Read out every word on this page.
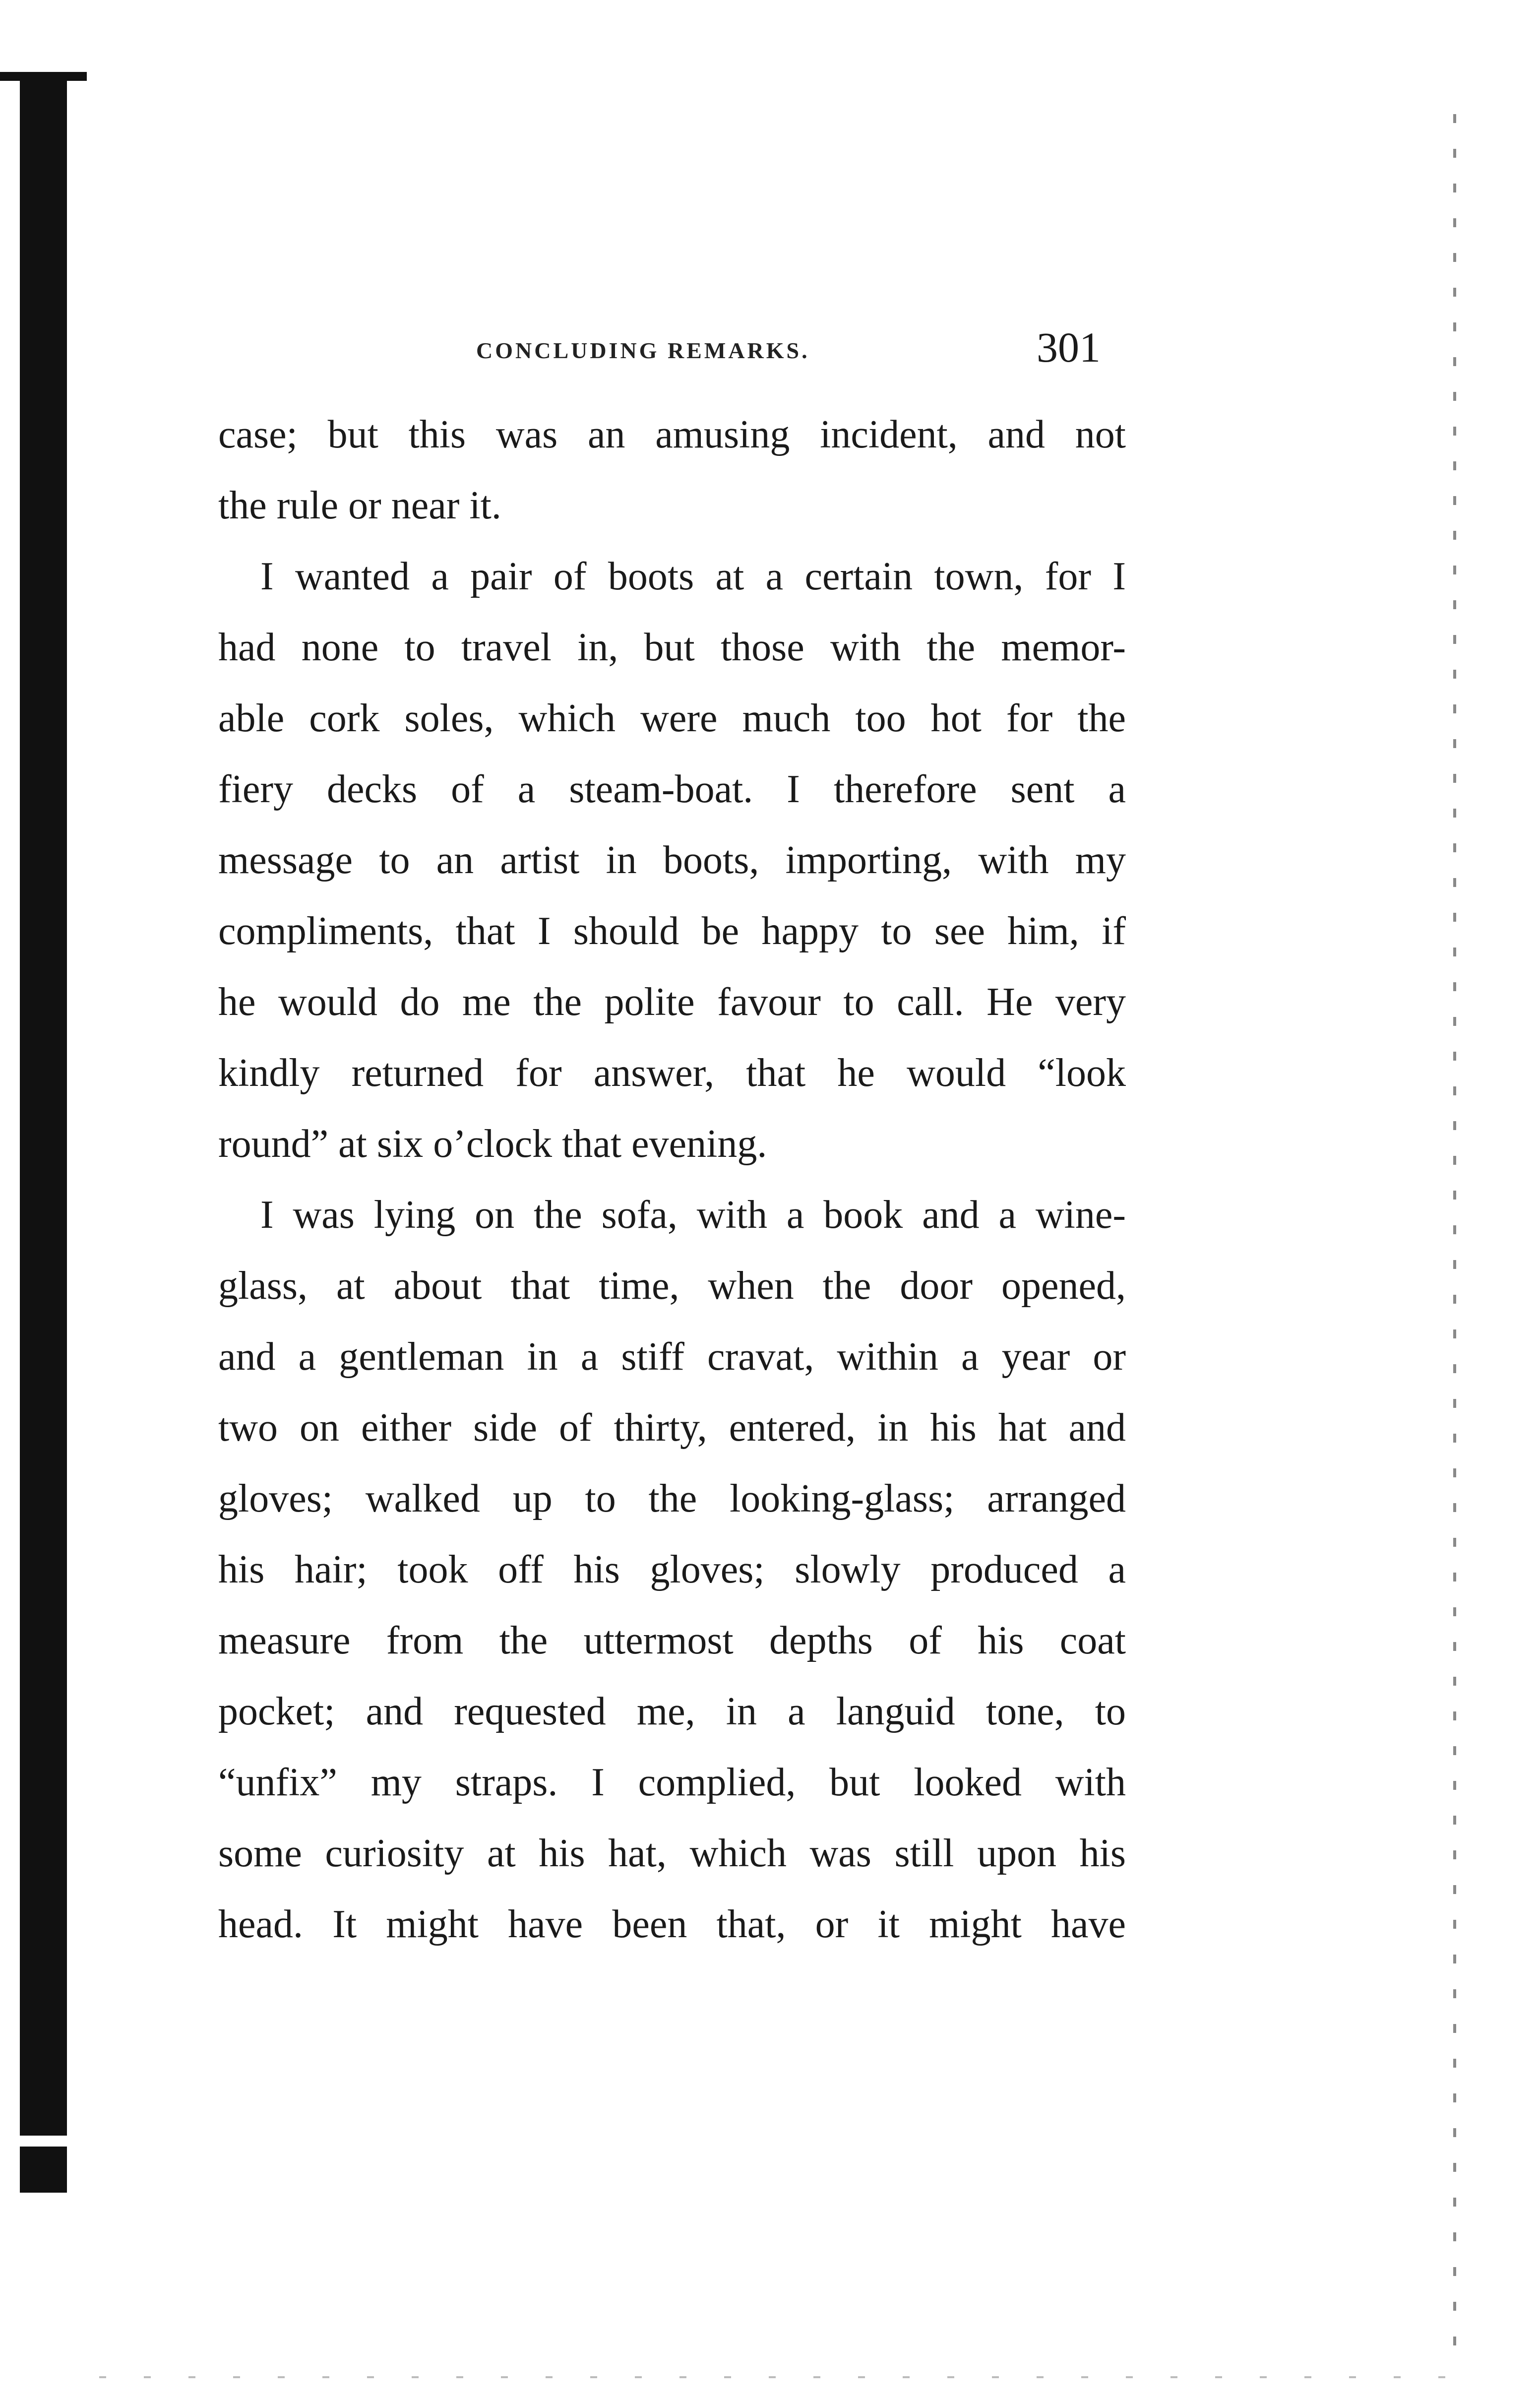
CONCLUDING REMARKS.	301
case; but this was an amusing incident, and not
the rule or near it.
I wanted a pair of boots at a certain town, for I
had none to travel in, but those with the memor-
able cork soles, which were much too hot for the
fiery decks of a steam-boat. I therefore sent a
message to an artist in boots, importing, with my
compliments, that I should be happy to see him, if
he would do me the polite favour to call. He very
kindly returned for answer, that he would “look
round” at six o’clock that evening.
I was lying on the sofa, with a book and a wine-
glass, at about that time, when the door opened,
and a gentleman in a stiff cravat, within a year or
two on either side of thirty, entered, in his hat and
gloves; walked up to the looking-glass; arranged
his hair; took off his gloves; slowly produced a
measure from the uttermost depths of his coat
pocket; and requested me, in a languid tone, to
“unfix” my straps. I complied, but looked with
some curiosity at his hat, which was still upon his
head. It might have been that, or it might have
